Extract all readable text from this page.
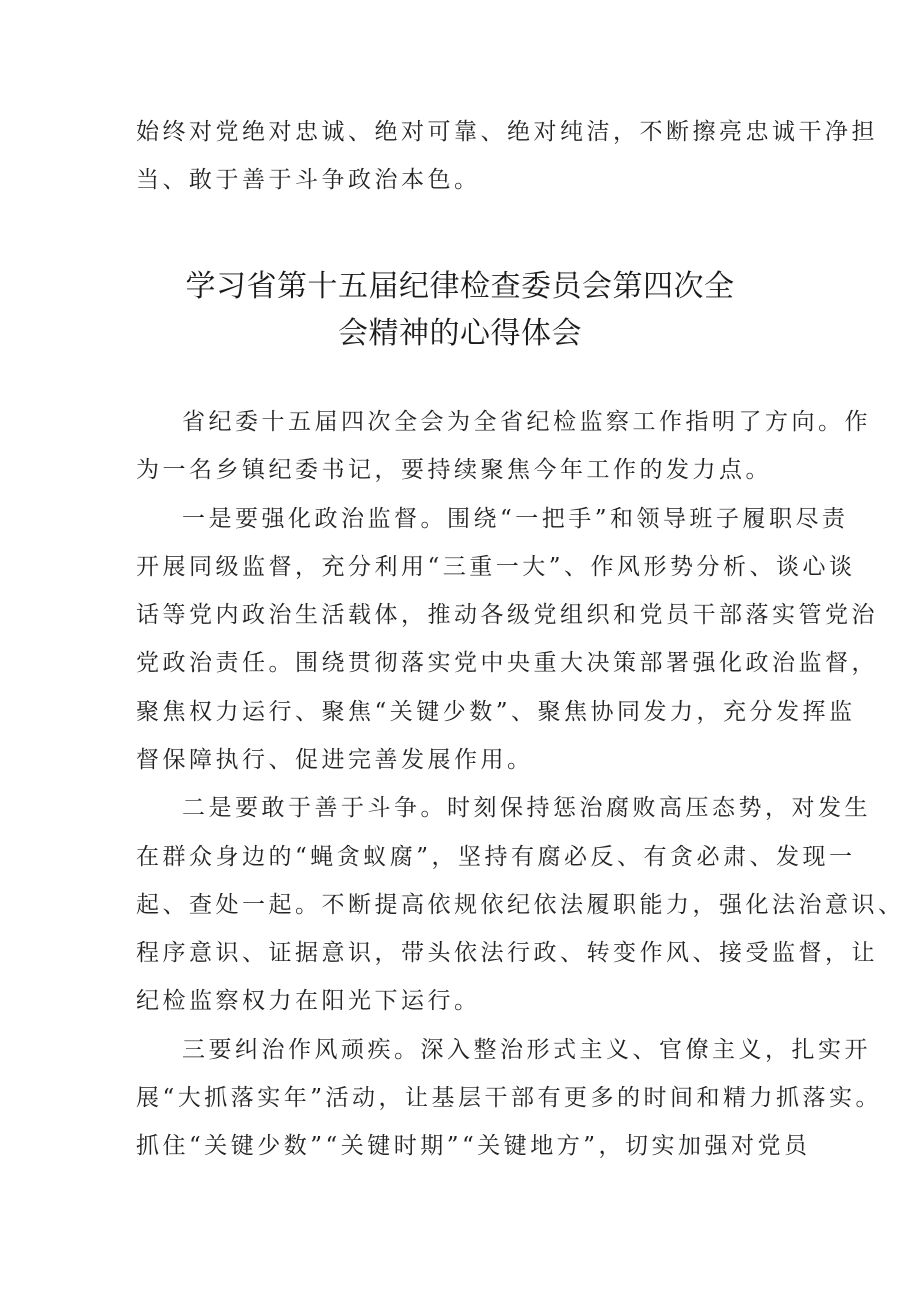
始终对党绝对忠诚、绝对可靠、绝对纯洁，不断擦亮忠诚干净担
当、敢于善于斗争政治本色。
学习省第十五届纪律检查委员会第四次全
会精神的心得体会
省纪委十五届四次全会为全省纪检监察工作指明了方向。作
为一名乡镇纪委书记，要持续聚焦今年工作的发力点。
一是要强化政治监督。围绕“一把手”和领导班子履职尽责
开展同级监督，充分利用“三重一大”、作风形势分析、谈心谈
话等党内政治生活载体，推动各级党组织和党员干部落实管党治
党政治责任。围绕贯彻落实党中央重大决策部署强化政治监督，
聚焦权力运行、聚焦“关键少数”、聚焦协同发力，充分发挥监
督保障执行、促进完善发展作用。
二是要敢于善于斗争。时刻保持惩治腐败高压态势，对发生
在群众身边的“蝇贪蚁腐”，坚持有腐必反、有贪必肃、发现一
起、查处一起。不断提高依规依纪依法履职能力，强化法治意识、
程序意识、证据意识，带头依法行政、转变作风、接受监督，让
纪检监察权力在阳光下运行。
三要纠治作风顽疾。深入整治形式主义、官僚主义，扎实开
展“大抓落实年”活动，让基层干部有更多的时间和精力抓落实。
抓住“关键少数”“关键时期”“关键地方”，切实加强对党员
